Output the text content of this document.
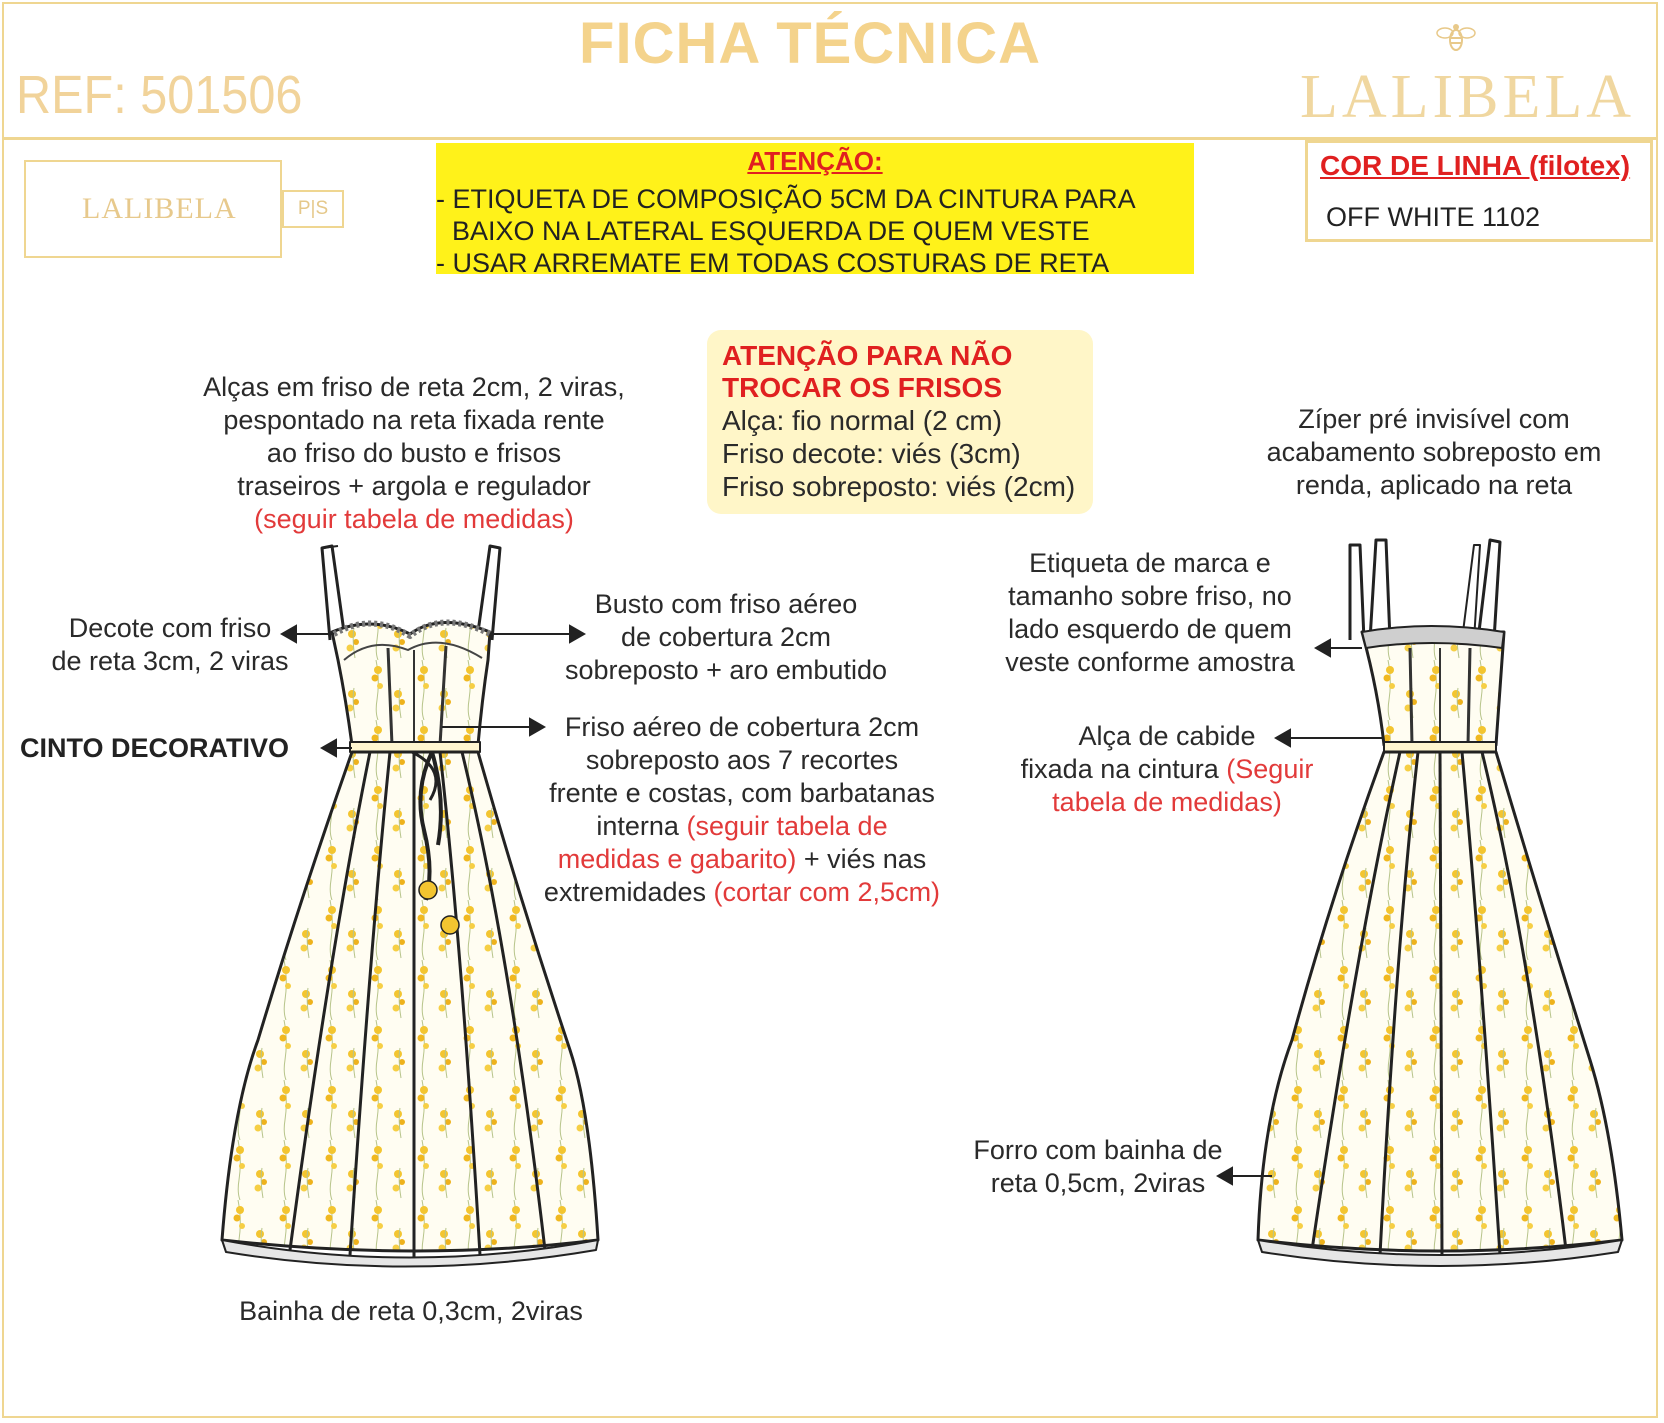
FICHA TÉCNICA
REF: 501506	LALIBELA
LALIBELA	P|S
ATENÇÃO:
- ETIQUETA DE COMPOSIÇÃO 5CM DA CINTURA PARA
BAIXO NA LATERAL ESQUERDA DE QUEM VESTE
- USAR ARREMATE EM TODAS COSTURAS DE RETA
COR DE LINHA (filotex)
OFF WHITE 1102
ATENÇÃO PARA NÃO
TROCAR OS FRISOS
Alça: fio normal (2 cm)
Friso decote: viés (3cm)
Friso sobreposto: viés (2cm)
Alças em friso de reta 2cm, 2 viras,
pespontado na reta fixada rente
ao friso do busto e frisos
traseiros + argola e regulador
(seguir tabela de medidas)
Decote com friso
de reta 3cm, 2 viras
CINTO DECORATIVO
Busto com friso aéreo
de cobertura 2cm
sobreposto + aro embutido
Friso aéreo de cobertura 2cm
sobreposto aos 7 recortes
frente e costas, com barbatanas
interna (seguir tabela de
medidas e gabarito) + viés nas
extremidades (cortar com 2,5cm)
Bainha de reta 0,3cm, 2viras
Zíper pré invisível com
acabamento sobreposto em
renda, aplicado na reta
Etiqueta de marca e
tamanho sobre friso, no
lado esquerdo de quem
veste conforme amostra
Alça de cabide
fixada na cintura (Seguir
tabela de medidas)
Forro com bainha de
reta 0,5cm, 2viras
